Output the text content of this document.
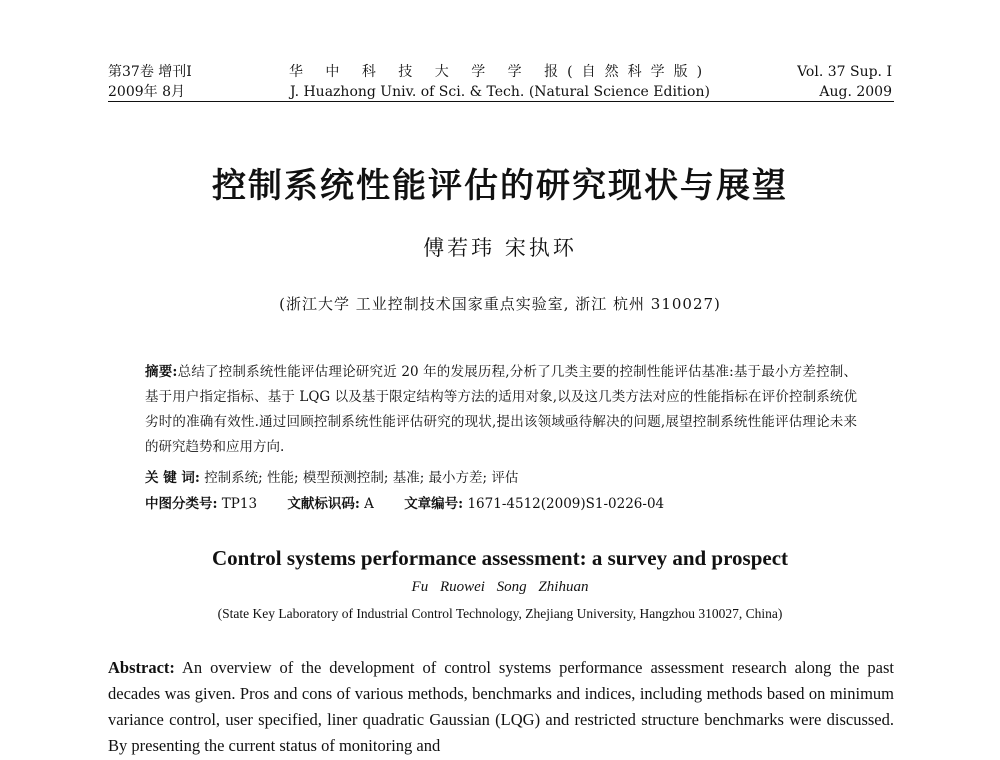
第37卷 增刊Ⅰ
2009年 8月
华 中 科 技 大 学 学 报(自然科学版)
J. Huazhong Univ. of Sci. & Tech. (Natural Science Edition)
Vol. 37 Sup. Ⅰ
Aug. 2009
控制系统性能评估的研究现状与展望
傅若玮 宋执环
(浙江大学 工业控制技术国家重点实验室, 浙江 杭州 310027)
摘要:总结了控制系统性能评估理论研究近 20 年的发展历程,分析了几类主要的控制性能评估基准:基于最小方差控制、基于用户指定指标、基于 LQG 以及基于限定结构等方法的适用对象,以及这几类方法对应的性能指标在评价控制系统优劣时的准确有效性.通过回顾控制系统性能评估研究的现状,提出该领域亟待解决的问题,展望控制系统性能评估理论未来的研究趋势和应用方向.
关 键 词: 控制系统; 性能; 模型预测控制; 基准; 最小方差; 评估
中图分类号: TP13 文献标识码: A 文章编号: 1671-4512(2009)S1-0226-04
Control systems performance assessment: a survey and prospect
Fu Ruowei Song Zhihuan
(State Key Laboratory of Industrial Control Technology, Zhejiang University, Hangzhou 310027, China)
Abstract: An overview of the development of control systems performance assessment research along the past decades was given. Pros and cons of various methods, benchmarks and indices, including methods based on minimum variance control, user specified, liner quadratic Gaussian (LQG) and restricted structure benchmarks were discussed. By presenting the current status of monitoring and
